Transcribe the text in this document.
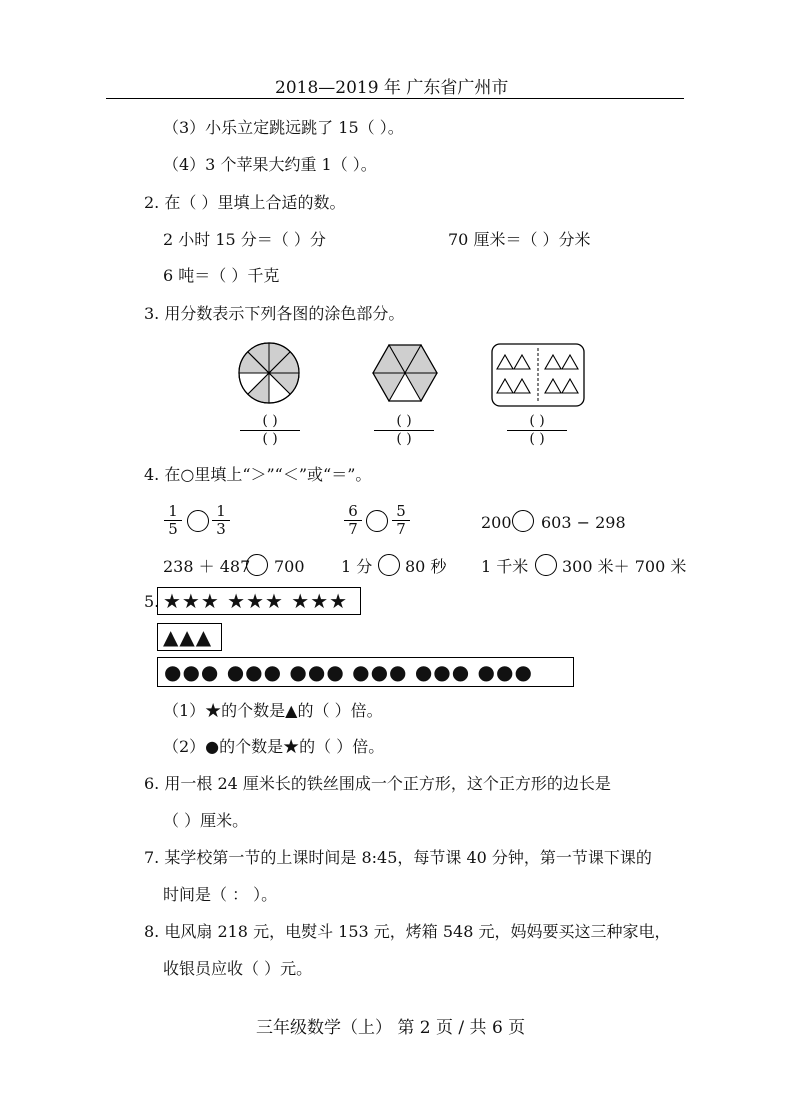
2018—2019 年 广东省广州市
（3）小乐立定跳远跳了 15（ ）。
（4）3 个苹果大约重 1（ ）。
2. 在（ ）里填上合适的数。
2 小时 15 分＝（ ）分	70 厘米＝（ ）分米
6 吨＝（ ）千克
3. 用分数表示下列各图的涂色部分。
( )
( )
( )
( )
( )
( )
4. 在○里填上“＞”“＜”或“＝”。
$\frac{1}{5} \frac{1}{3}$	$\frac{6}{7} \frac{5}{7}$	200 603 − 298
238 ＋ 487 700 1 分 80 秒 1 千米 300 米＋ 700 米
5. ★★★ ★★★ ★★★
▲▲▲
●●● ●●● ●●● ●●● ●●● ●●●
（1）★的个数是▲的（ ）倍。
（2）●的个数是★的（ ）倍。
6. 用一根 24 厘米长的铁丝围成一个正方形，这个正方形的边长是
（ ）厘米。
7. 某学校第一节的上课时间是 8:45，每节课 40 分钟，第一节课下课的
时间是（ ： ）。
8. 电风扇 218 元，电熨斗 153 元，烤箱 548 元，妈妈要买这三种家电，
收银员应收（ ）元。
三年级数学（上） 第 2 页 / 共 6 页
